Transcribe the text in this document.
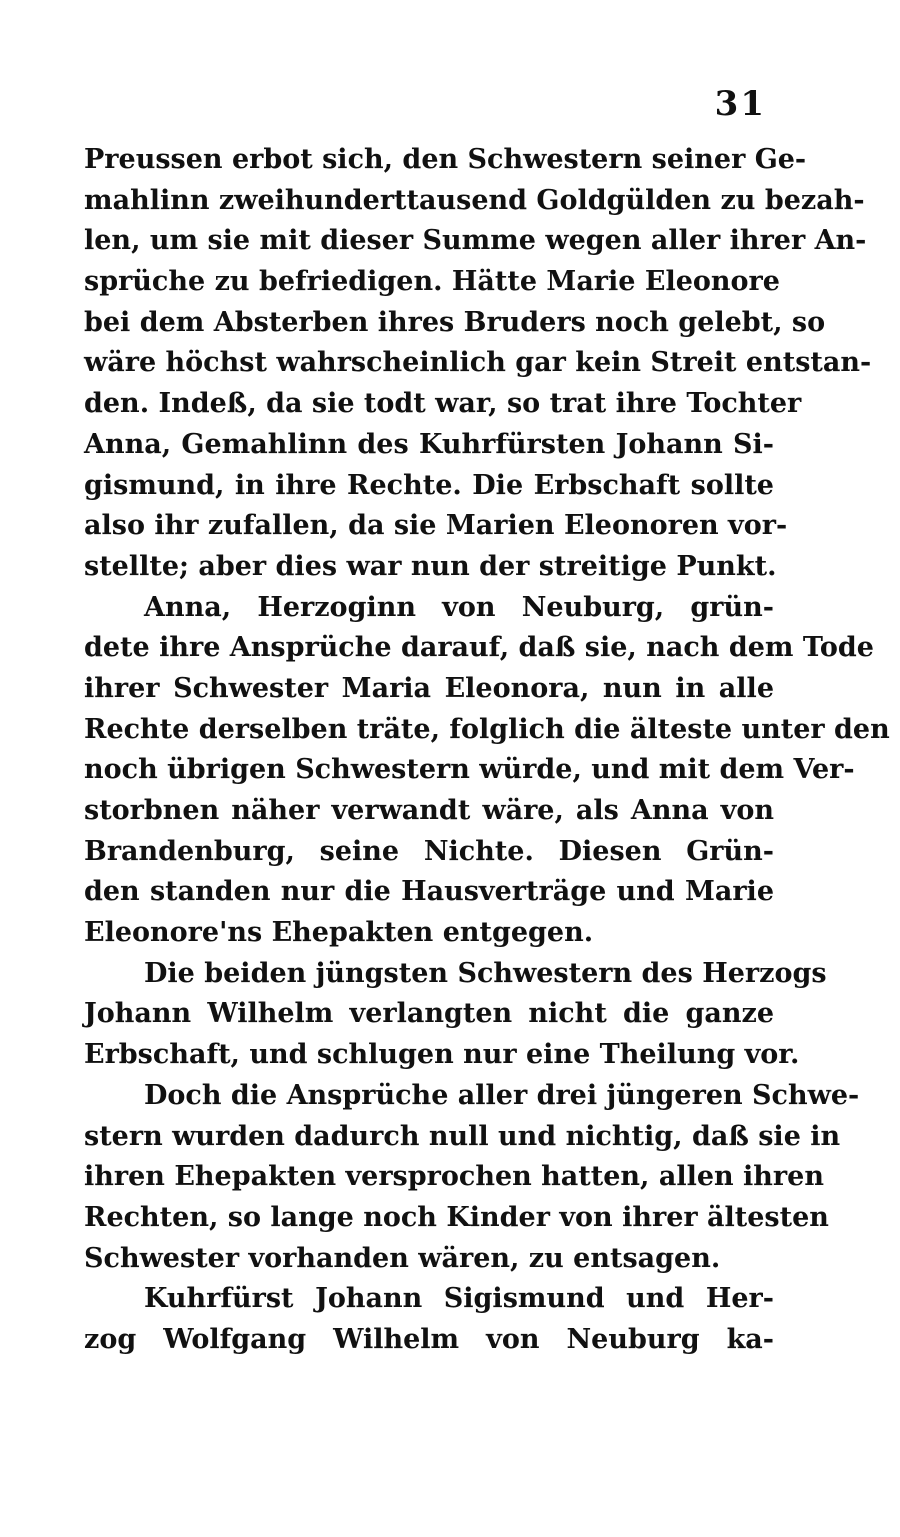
31
Preussen erbot sich, den Schwestern seiner Ge-
mahlinn zweihunderttausend Goldgülden zu bezah-
len, um sie mit dieser Summe wegen aller ihrer An-
sprüche zu befriedigen. Hätte Marie Eleonore
bei dem Absterben ihres Bruders noch gelebt, so
wäre höchst wahrscheinlich gar kein Streit entstan-
den. Indeß, da sie todt war, so trat ihre Tochter
Anna, Gemahlinn des Kuhrfürsten Johann Si-
gismund, in ihre Rechte. Die Erbschaft sollte
also ihr zufallen, da sie Marien Eleonoren vor-
stellte; aber dies war nun der streitige Punkt.
Anna, Herzoginn von Neuburg, grün-
dete ihre Ansprüche darauf, daß sie, nach dem Tode
ihrer Schwester Maria Eleonora, nun in alle
Rechte derselben träte, folglich die älteste unter den
noch übrigen Schwestern würde, und mit dem Ver-
storbnen näher verwandt wäre, als Anna von
Brandenburg, seine Nichte. Diesen Grün-
den standen nur die Hausverträge und Marie
Eleonore'ns Ehepakten entgegen.
Die beiden jüngsten Schwestern des Herzogs
Johann Wilhelm verlangten nicht die ganze
Erbschaft, und schlugen nur eine Theilung vor.
Doch die Ansprüche aller drei jüngeren Schwe-
stern wurden dadurch null und nichtig, daß sie in
ihren Ehepakten versprochen hatten, allen ihren
Rechten, so lange noch Kinder von ihrer ältesten
Schwester vorhanden wären, zu entsagen.
Kuhrfürst Johann Sigismund und Her-
zog Wolfgang Wilhelm von Neuburg ka-
